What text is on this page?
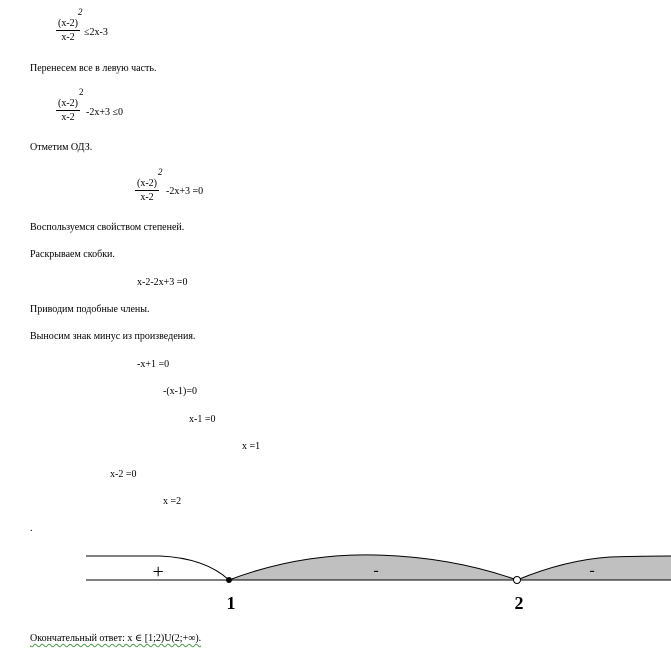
(x-2)
x-2
2
≤2x-3
Перенесем все в левую часть.
(x-2)
x-2
2
-2x+3 ≤0
Отметим ОДЗ.
(x-2)
x-2
2
-2x+3 =0
Воспользуемся свойством степеней.
Раскрываем скобки.
x-2-2x+3 =0
Приводим подобные члены.
Выносим знак минус из произведения.
-x+1 =0
-(x-1)=0
x-1 =0
x =1
x-2 =0
x =2
.
+	-	-
1	2
Окончательный ответ: x ∈ [1;2)U(2;+∞).
